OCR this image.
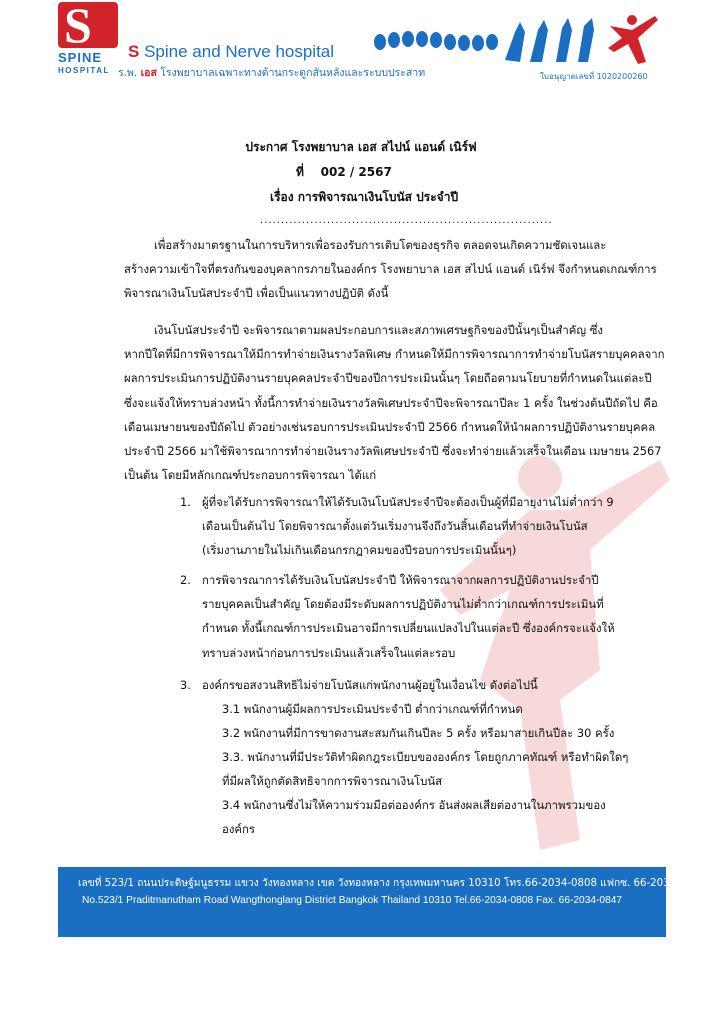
S
SPINE
HOSPITAL
S Spine and Nerve hospital
ร.พ. เอส โรงพยาบาลเฉพาะทางด้านกระดูกสันหลังและระบบประสาท	ใบอนุญาตเลขที่ 10202002​60
ประกาศ โรงพยาบาล เอส สไปน์ แอนด์ เนิร์ฟ
ที่ 002 / 2567
เรื่อง การพิจารณาเงินโบนัส ประจำปี
......................................................................
เพื่อสร้างมาตรฐานในการบริหารเพื่อรองรับการเติบโตของธุรกิจ ตลอดจนเกิดความชัดเจนและ
สร้างความเข้าใจที่ตรงกันของบุคลากรภายในองค์กร โรงพยาบาล เอส สไปน์ แอนด์ เนิร์ฟ จึงกำหนดเกณฑ์การ
พิจารณาเงินโบนัสประจำปี เพื่อเป็นแนวทางปฏิบัติ ดังนี้
เงินโบนัสประจำปี จะพิจารณาตามผลประกอบการและสภาพเศรษฐกิจของปีนั้นๆเป็นสำคัญ ซึ่ง
หากปีใดที่มีการพิจารณาให้มีการทำจ่ายเงินรางวัลพิเศษ กำหนดให้มีการพิจารณาการทำจ่ายโบนัสรายบุคคลจาก
ผลการประเมินการปฏิบัติงานรายบุคคลประจำปีของปีการประเมินนั้นๆ โดยถือตามนโยบายที่กำหนดในแต่ละปี
ซึ่งจะแจ้งให้ทราบล่วงหน้า ทั้งนี้การทำจ่ายเงินรางวัลพิเศษประจำปีจะพิจารณาปีละ 1 ครั้ง ในช่วงต้นปีถัดไป คือ
เดือนเมษายนของปีถัดไป ตัวอย่างเช่นรอบการประเมินประจำปี 2566 กำหนดให้นำผลการปฏิบัติงานรายบุคคล
ประจำปี 2566 มาใช้พิจารณาการทำจ่ายเงินรางวัลพิเศษประจำปี ซึ่งจะทำจ่ายแล้วเสร็จในเดือน เมษายน 2567
เป็นต้น โดยมีหลักเกณฑ์ประกอบการพิจารณา ได้แก่
1. ผู้ที่จะได้รับการพิจารณาให้ได้รับเงินโบนัสประจำปีจะต้องเป็นผู้ที่มีอายุงานไม่ต่ำกว่า 9
เดือนเป็นต้นไป โดยพิจารณาตั้งแต่วันเริ่มงานจึงถึงวันสิ้นเดือนที่ทำจ่ายเงินโบนัส
(เริ่มงานภายในไม่เกินเดือนกรกฎาคมของปีรอบการประเมินนั้นๆ)
2. การพิจารณาการได้รับเงินโบนัสประจำปี ให้พิจารณาจากผลการปฏิบัติงานประจำปี
รายบุคคลเป็นสำคัญ โดยต้องมีระดับผลการปฏิบัติงานไม่ต่ำกว่าเกณฑ์การประเมินที่
กำหนด ทั้งนี้เกณฑ์การประเมินอาจมีการเปลี่ยนแปลงไปในแต่ละปี ซึ่งองค์กรจะแจ้งให้
ทราบล่วงหน้าก่อนการประเมินแล้วเสร็จในแต่ละรอบ
3. องค์กรขอสงวนสิทธิไม่จ่ายโบนัสแก่พนักงานผู้อยู่ในเงื่อนไข ดังต่อไปนี้
3.1 พนักงานผู้มีผลการประเมินประจำปี ต่ำกว่าเกณฑ์ที่กำหนด
3.2 พนักงานที่มีการขาดงานสะสมกันเกินปีละ 5 ครั้ง หรือมาสายเกินปีละ 30 ครั้ง
3.3. พนักงานที่มีประวัติทำผิดกฎระเบียบขององค์กร โดยถูกภาคทัณฑ์ หรือทำผิดใดๆ
ที่มีผลให้ถูกตัดสิทธิจากการพิจารณาเงินโบนัส
3.4 พนักงานซึ่งไม่ให้ความร่วมมือต่อองค์กร อันส่งผลเสียต่องานในภาพรวมของ
องค์กร
เลขที่ 523/1 ถนนประดิษฐ์มนูธรรม แขวง วังทองหลาง เขต วังทองหลาง กรุงเทพมหานคร 10310 โทร.66-2034-0808 แฟกซ. 66-2034-0847
No.523/1 Praditmanutham Road Wangthonglang District Bangkok Thailand 10310 Tel.66-2034-0808 Fax. 66-2034-0847
